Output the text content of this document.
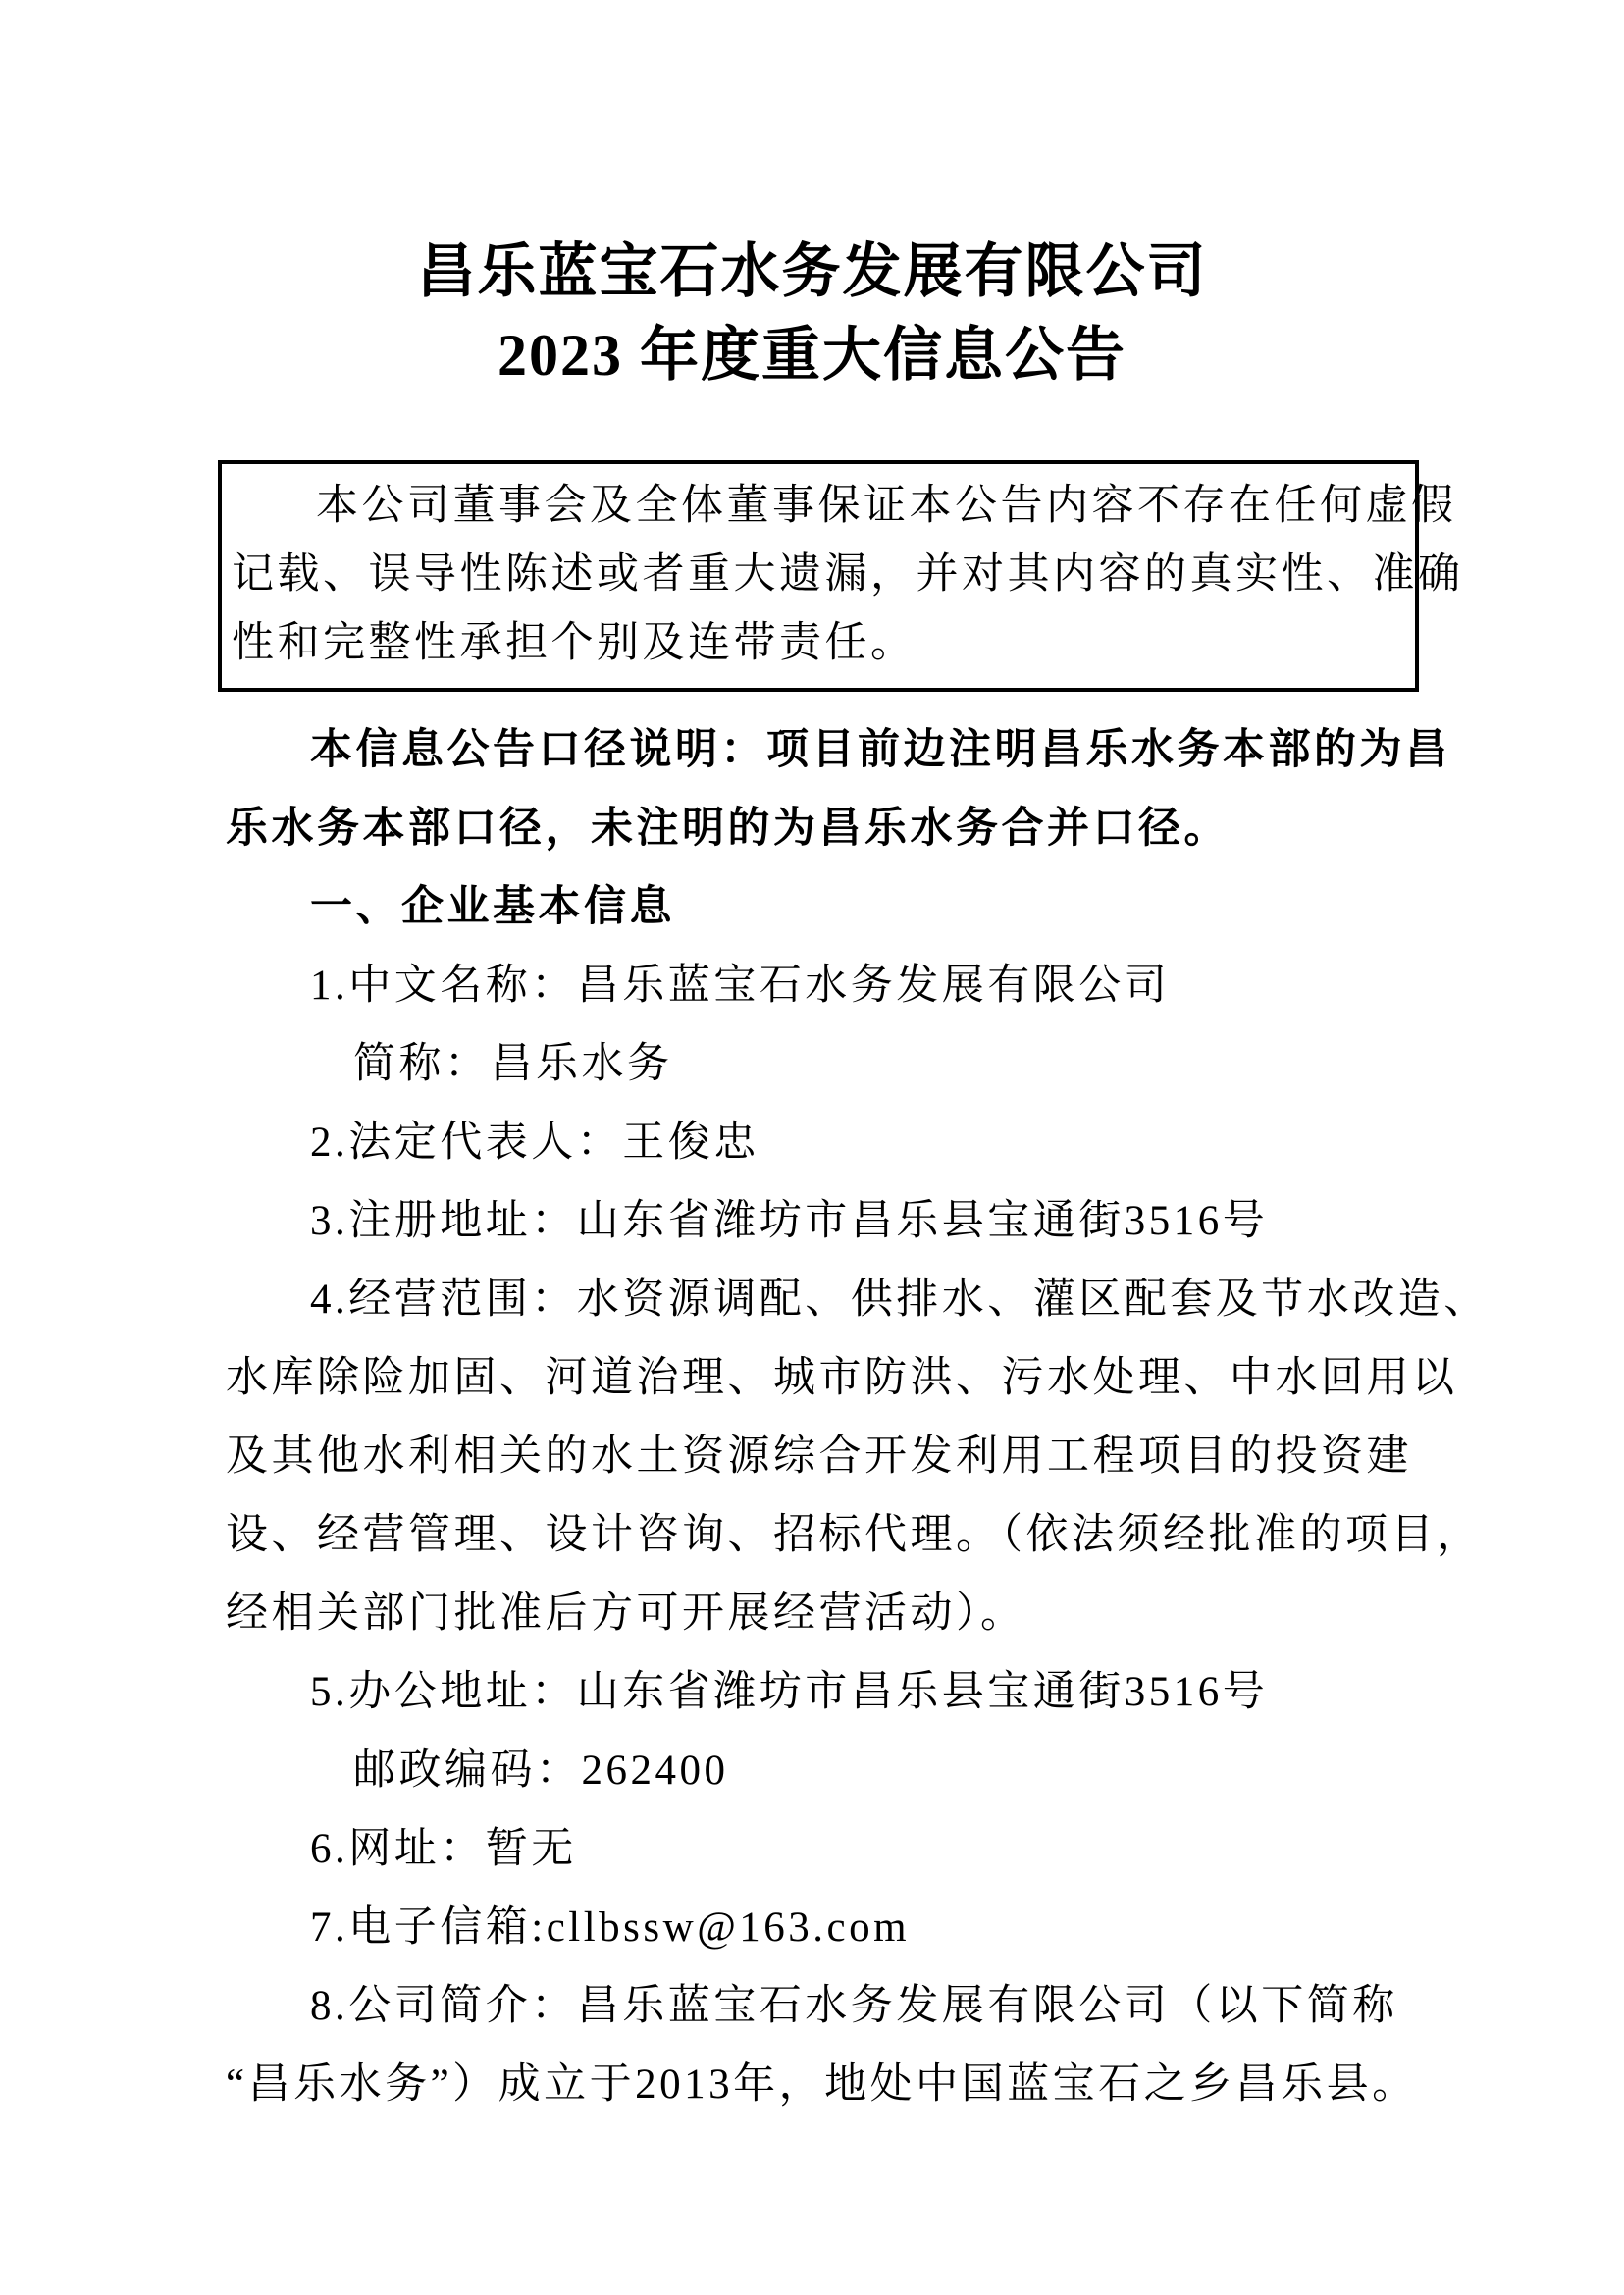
昌乐蓝宝石水务发展有限公司
2023 年度重大信息公告
本公司董事会及全体董事保证本公告内容不存在任何虚假
记载、误导性陈述或者重大遗漏，并对其内容的真实性、准确
性和完整性承担个别及连带责任。
本信息公告口径说明：项目前边注明昌乐水务本部的为昌
乐水务本部口径，未注明的为昌乐水务合并口径。
一、企业基本信息
1.中文名称：昌乐蓝宝石水务发展有限公司
简称：昌乐水务
2.法定代表人：王俊忠
3.注册地址：山东省潍坊市昌乐县宝通街3516号
4.经营范围：水资源调配、供排水、灌区配套及节水改造、
水库除险加固、河道治理、城市防洪、污水处理、中水回用以
及其他水利相关的水土资源综合开发利用工程项目的投资建
设、经营管理、设计咨询、招标代理。（依法须经批准的项目，
经相关部门批准后方可开展经营活动）。
5.办公地址：山东省潍坊市昌乐县宝通街3516号
邮政编码：262400
6.网址：暂无
7.电子信箱:cllbssw@163.com
8.公司简介：昌乐蓝宝石水务发展有限公司（以下简称
“昌乐水务”）成立于2013年，地处中国蓝宝石之乡昌乐县。
